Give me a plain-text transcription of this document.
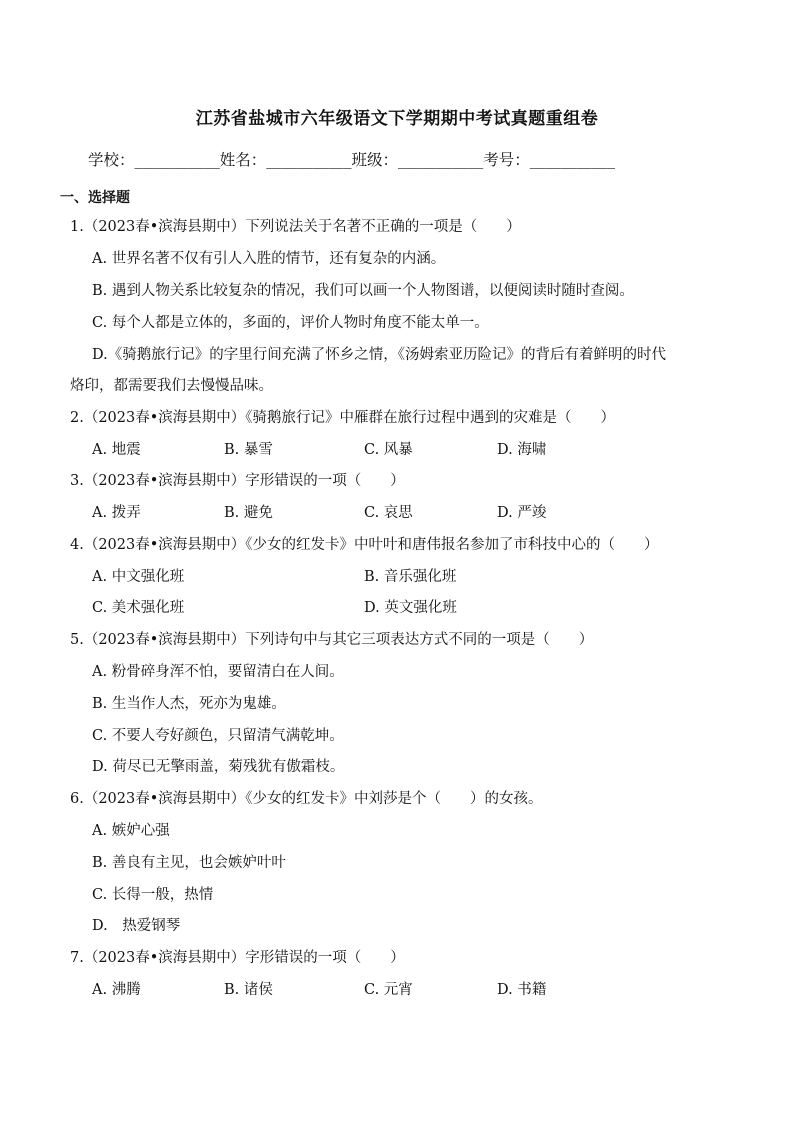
江苏省盐城市六年级语文下学期期中考试真题重组卷
学校：___________姓名：___________班级：___________考号：___________
一、选择题
1.（2023春•滨海县期中）下列说法关于名著不正确的一项是（　　）
A. 世界名著不仅有引人入胜的情节，还有复杂的内涵。
B. 遇到人物关系比较复杂的情况，我们可以画一个人物图谱，以便阅读时随时查阅。
C. 每个人都是立体的，多面的，评价人物时角度不能太单一。
D.《骑鹅旅行记》的字里行间充满了怀乡之情，《汤姆索亚历险记》的背后有着鲜明的时代
烙印，都需要我们去慢慢品味。
2.（2023春•滨海县期中）《骑鹅旅行记》中雁群在旅行过程中遇到的灾难是（　　）
A. 地震	B. 暴雪	C. 风暴	D. 海啸
3.（2023春•滨海县期中）字形错误的一项（　　）
A. 拨弄	B. 避免	C. 哀思	D. 严竣
4.（2023春•滨海县期中）《少女的红发卡》中叶叶和唐伟报名参加了市科技中心的（　　）
A. 中文强化班	B. 音乐强化班
C. 美术强化班	D. 英文强化班
5.（2023春•滨海县期中）下列诗句中与其它三项表达方式不同的一项是（　　）
A. 粉骨碎身浑不怕，要留清白在人间。
B. 生当作人杰，死亦为鬼雄。
C. 不要人夸好颜色，只留清气满乾坤。
D. 荷尽已无擎雨盖，菊残犹有傲霜枝。
6.（2023春•滨海县期中）《少女的红发卡》中刘莎是个（　　）的女孩。
A. 嫉妒心强
B. 善良有主见，也会嫉妒叶叶
C. 长得一般，热情
D.　热爱钢琴
7.（2023春•滨海县期中）字形错误的一项（　　）
A. 沸腾	B. 诸侯	C. 元宵	D. 书籍
